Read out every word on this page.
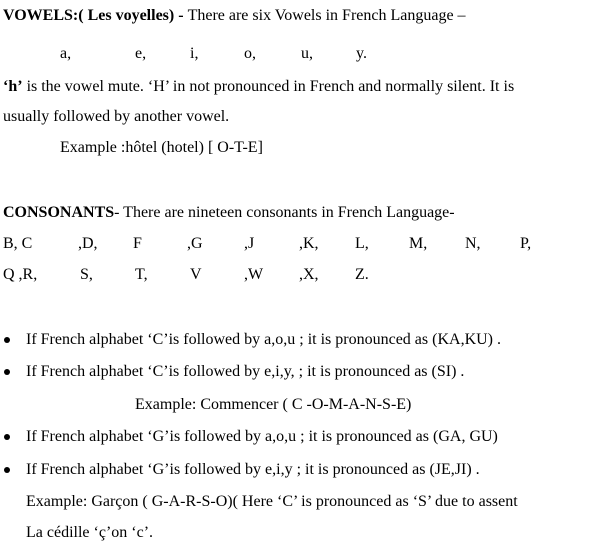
VOWELS:( Les voyelles) - There are six Vowels in French Language –
a,	e,	i,	o,	u,	y.
‘h’ is the vowel mute. ‘H’ in not pronounced in French and normally silent. It is
usually followed by another vowel.
Example :hôtel (hotel) [ O-T-E]
CONSONANTS- There are nineteen consonants in French Language-
B, C	,D, F	,G	,J	,K, L,	M, N, P,
Q ,R,	S,	T,	V	,W ,X, Z.
If French alphabet ‘C’is followed by a,o,u ; it is pronounced as (KA,KU) .
If French alphabet ‘C’is followed by e,i,y, ; it is pronounced as (SI) .
Example: Commencer ( C -O-M-A-N-S-E)
If French alphabet ‘G’is followed by a,o,u ; it is pronounced as (GA, GU)
If French alphabet ‘G’is followed by e,i,y ; it is pronounced as (JE,JI) .
Example: Garçon ( G-A-R-S-O)( Here ‘C’ is pronounced as ‘S’ due to assent
La cédille ‘ç’on ‘c’.
